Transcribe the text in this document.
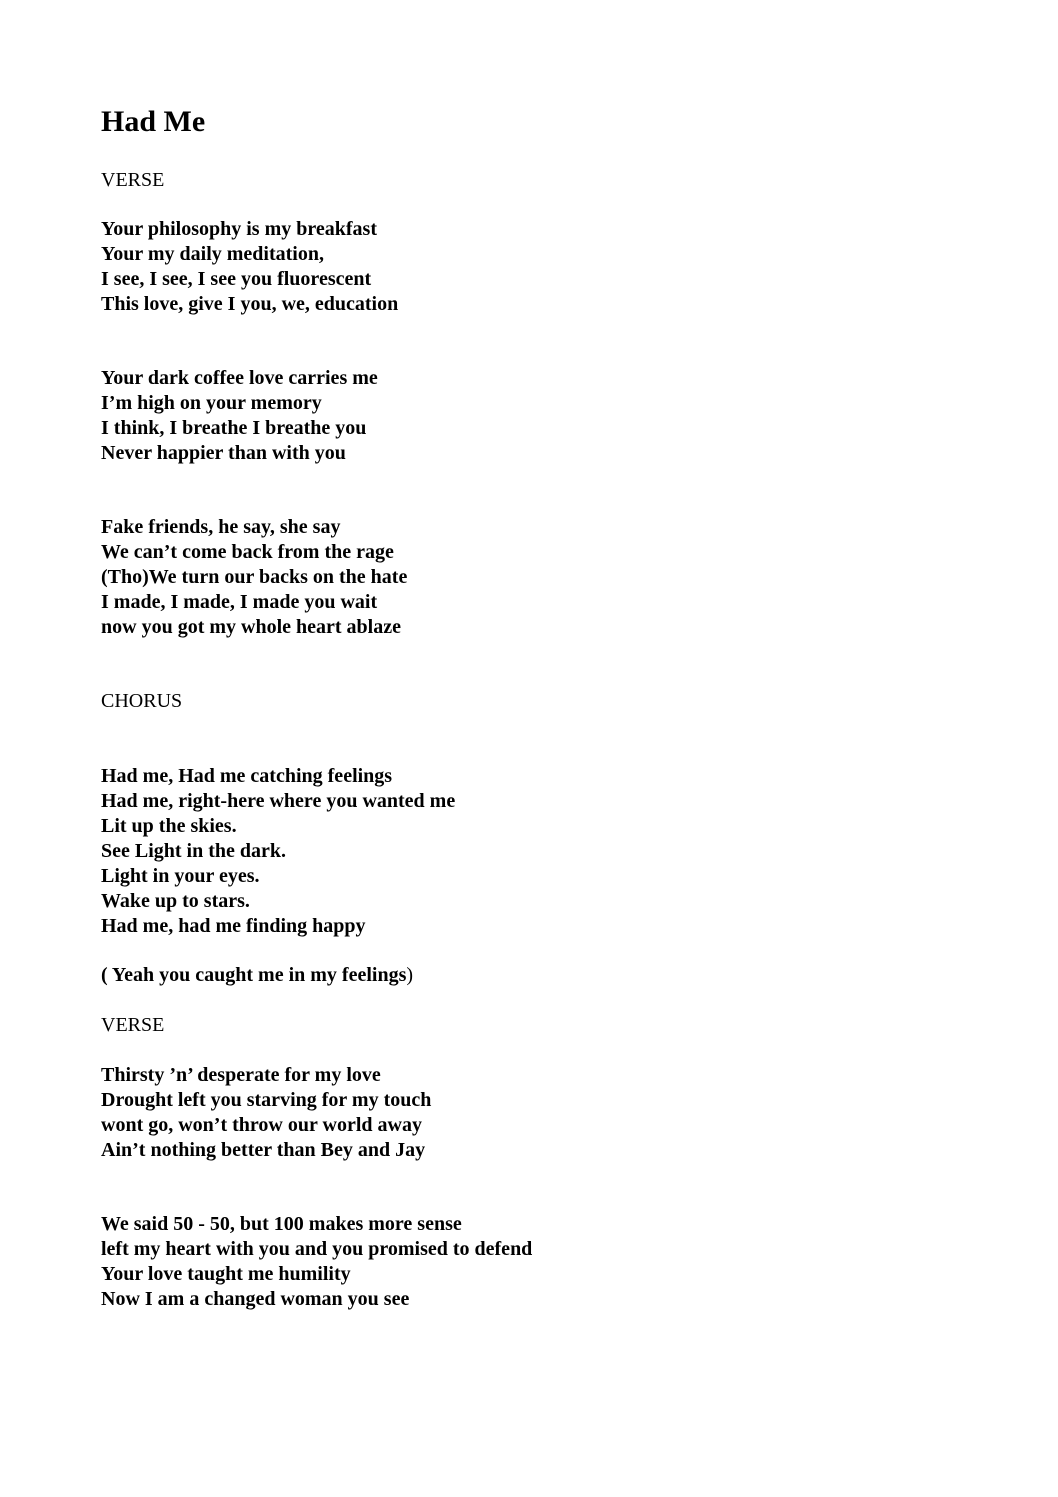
Had Me
VERSE
Your philosophy is my breakfast
Your my daily meditation,
I see, I see, I see you fluorescent
This love, give I you, we, education
Your dark coffee love carries me
I’m high on your memory
I think, I breathe I breathe you
Never happier than with you
Fake friends, he say, she say
We can’t come back from the rage
(Tho)We turn our backs on the hate
I made, I made, I made you wait
now you got my whole heart ablaze
CHORUS
Had me, Had me catching feelings
Had me, right-here where you wanted me
Lit up the skies.
See Light in the dark.
Light in your eyes.
Wake up to stars.
Had me, had me finding happy
( Yeah you caught me in my feelings)
VERSE
Thirsty ’n’ desperate for my love
Drought left you starving for my touch
wont go, won’t throw our world away
Ain’t nothing better than Bey and Jay
We said 50 - 50, but 100 makes more sense
left my heart with you and you promised to defend
Your love taught me humility
Now I am a changed woman you see
